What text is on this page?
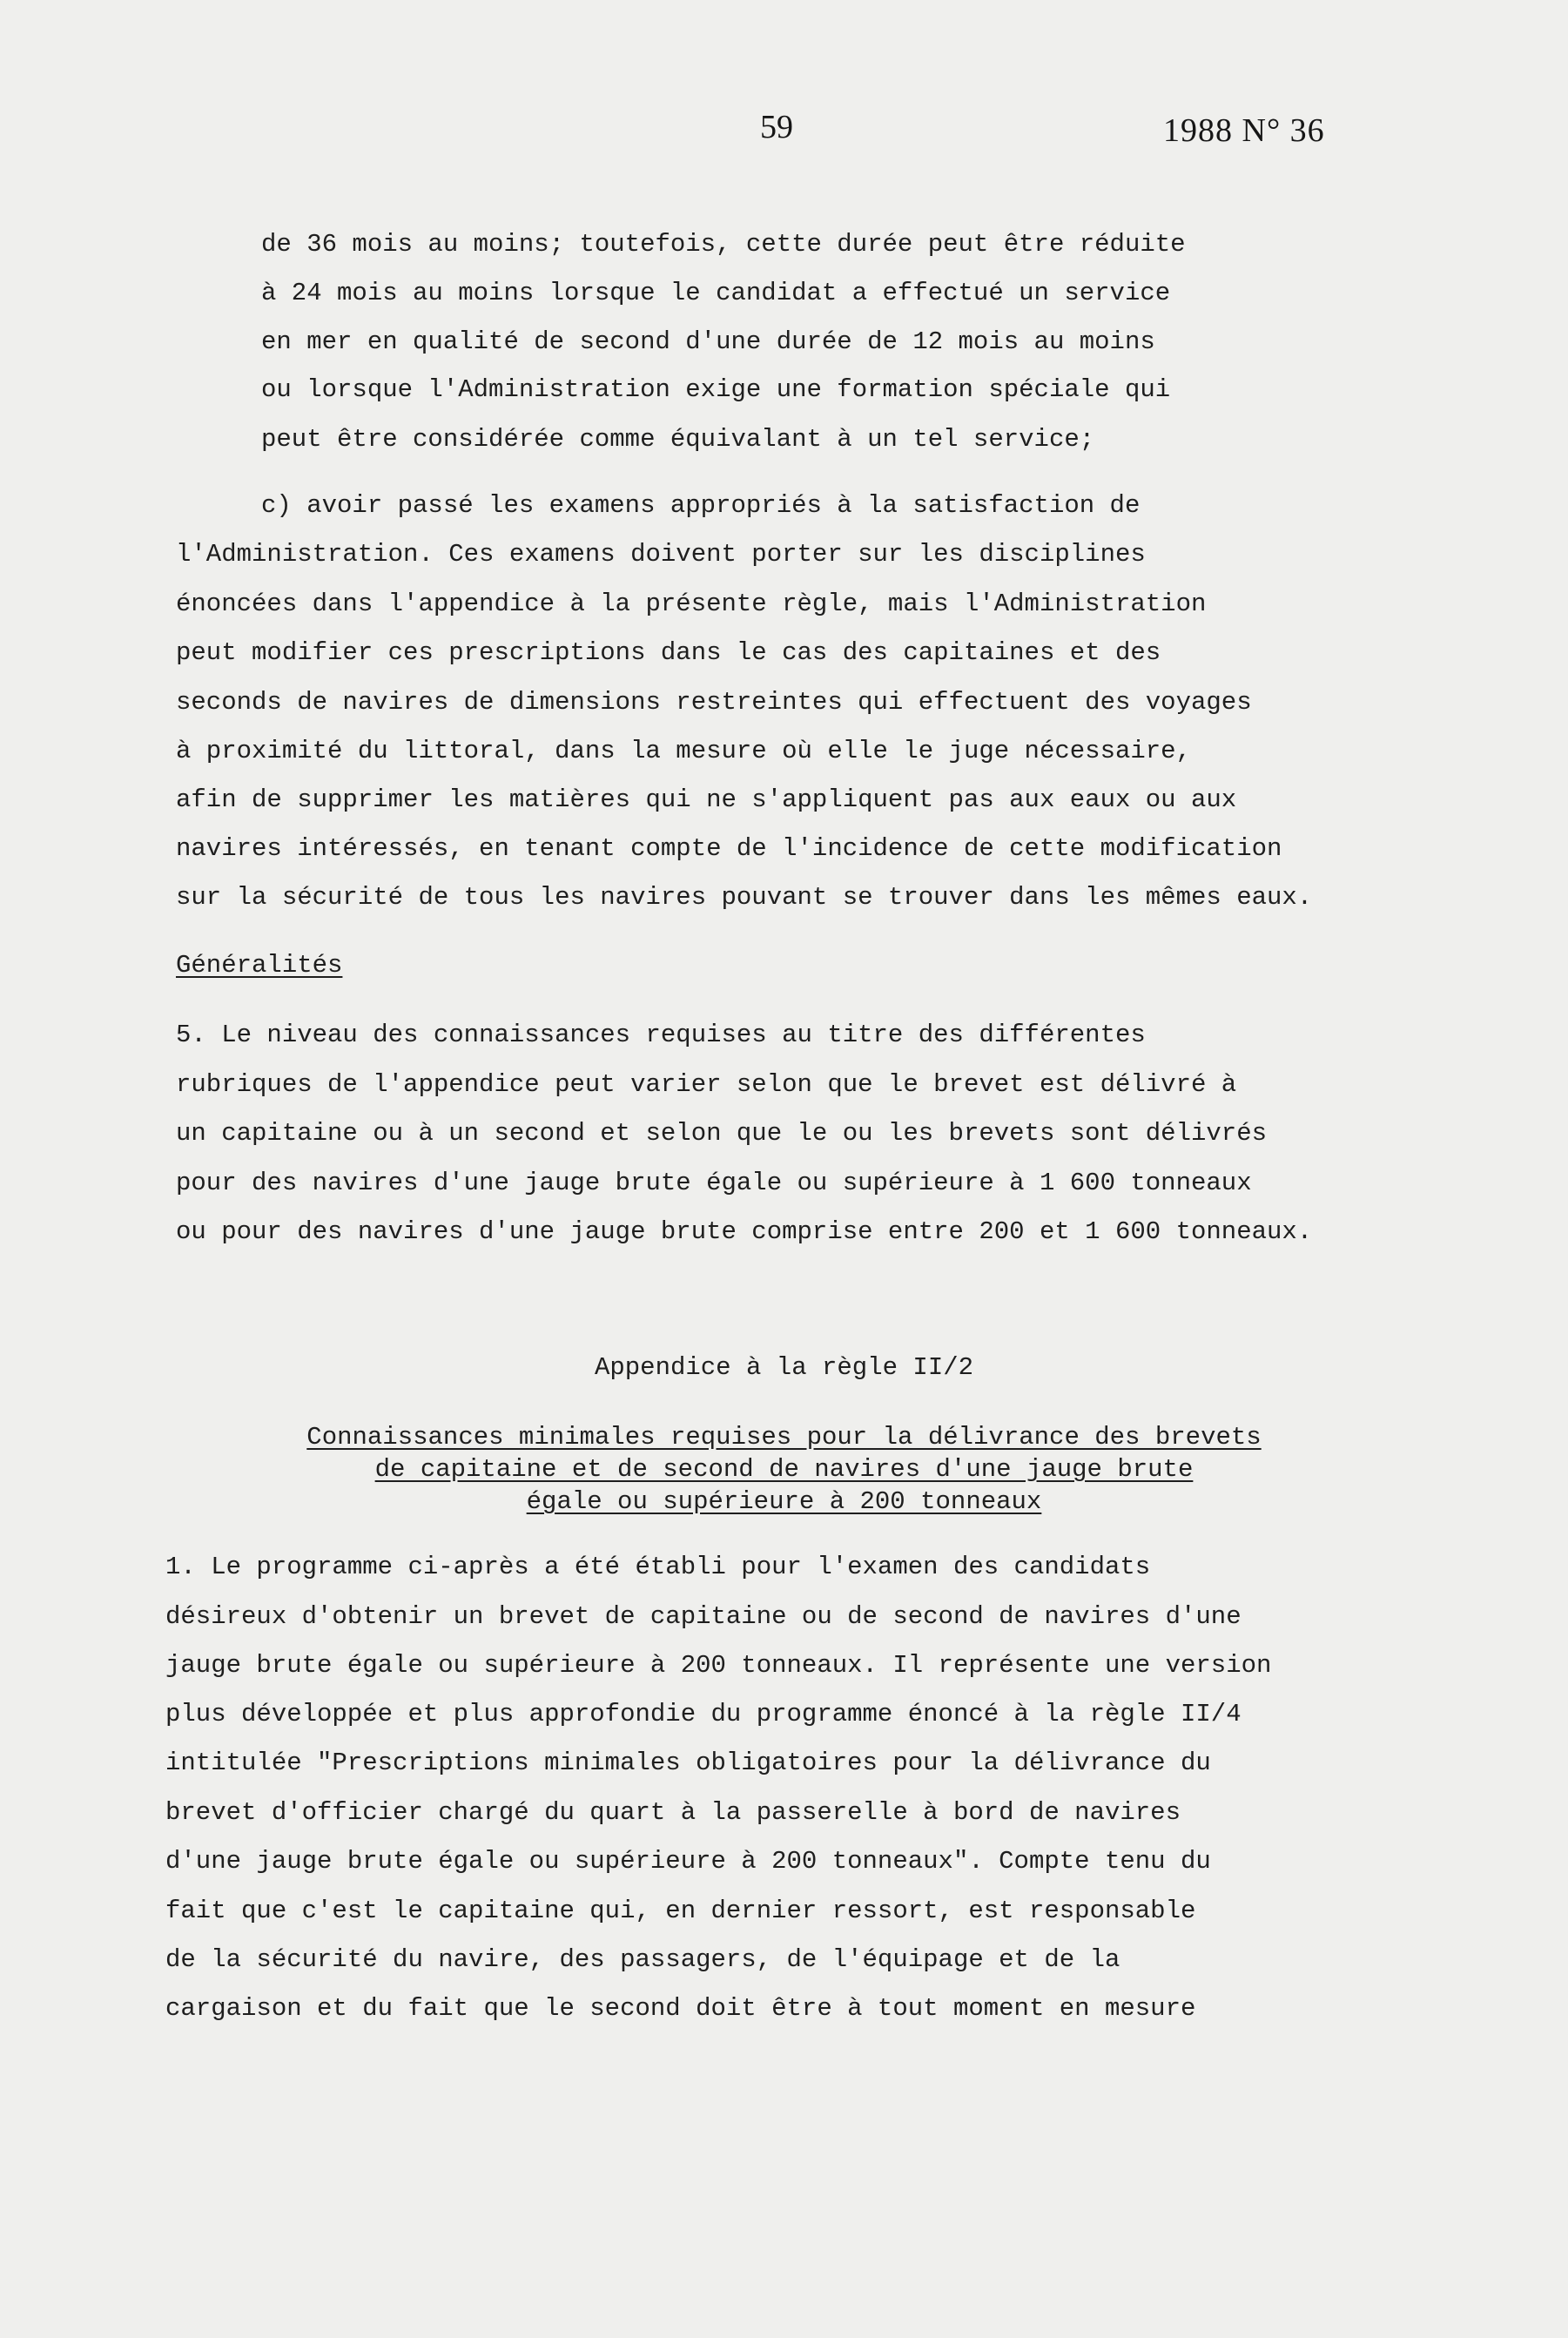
59	1988 N° 36
de 36 mois au moins; toutefois, cette durée peut être réduite
à 24 mois au moins lorsque le candidat a effectué un service
en mer en qualité de second d'une durée de 12 mois au moins
ou lorsque l'Administration exige une formation spéciale qui
peut être considérée comme équivalant à un tel service;
c) avoir passé les examens appropriés à la satisfaction de
l'Administration. Ces examens doivent porter sur les disciplines
énoncées dans l'appendice à la présente règle, mais l'Administration
peut modifier ces prescriptions dans le cas des capitaines et des
seconds de navires de dimensions restreintes qui effectuent des voyages
à proximité du littoral, dans la mesure où elle le juge nécessaire,
afin de supprimer les matières qui ne s'appliquent pas aux eaux ou aux
navires intéressés, en tenant compte de l'incidence de cette modification
sur la sécurité de tous les navires pouvant se trouver dans les mêmes eaux.
Généralités
5. Le niveau des connaissances requises au titre des différentes
rubriques de l'appendice peut varier selon que le brevet est délivré à
un capitaine ou à un second et selon que le ou les brevets sont délivrés
pour des navires d'une jauge brute égale ou supérieure à 1 600 tonneaux
ou pour des navires d'une jauge brute comprise entre 200 et 1 600 tonneaux.
Appendice à la règle II/2
Connaissances minimales requises pour la délivrance des brevets
de capitaine et de second de navires d'une jauge brute
égale ou supérieure à 200 tonneaux
1. Le programme ci-après a été établi pour l'examen des candidats
désireux d'obtenir un brevet de capitaine ou de second de navires d'une
jauge brute égale ou supérieure à 200 tonneaux. Il représente une version
plus développée et plus approfondie du programme énoncé à la règle II/4
intitulée "Prescriptions minimales obligatoires pour la délivrance du
brevet d'officier chargé du quart à la passerelle à bord de navires
d'une jauge brute égale ou supérieure à 200 tonneaux". Compte tenu du
fait que c'est le capitaine qui, en dernier ressort, est responsable
de la sécurité du navire, des passagers, de l'équipage et de la
cargaison et du fait que le second doit être à tout moment en mesure
